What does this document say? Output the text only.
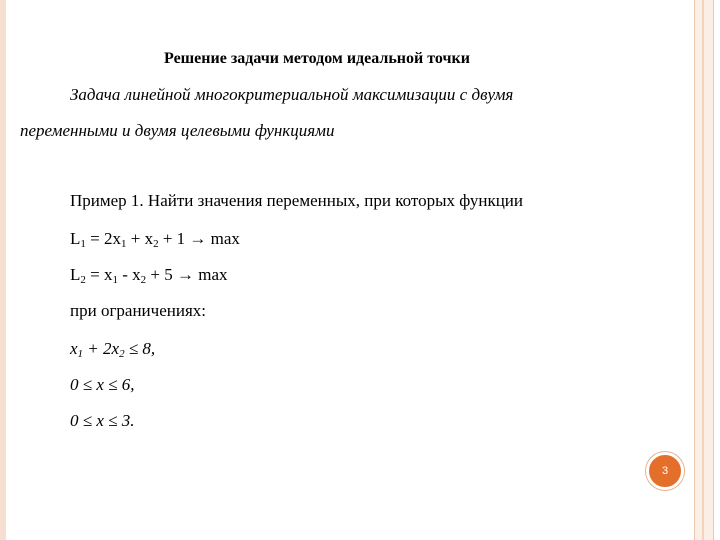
Решение задачи методом идеальной точки
Задача линейной многокритериальной максимизации с двумя
переменными и двумя целевыми функциями
Пример 1. Найти значения переменных, при которых функции
$L_1 = 2x_1 + x_2 + 1 \to \max$
$L_2 = x_1 - x_2 + 5 \to \max$
при ограничениях:
$x_1 + 2x_2 \le 8$,
0 ≤ x ≤ 6,
0 ≤ x ≤ 3.
3
